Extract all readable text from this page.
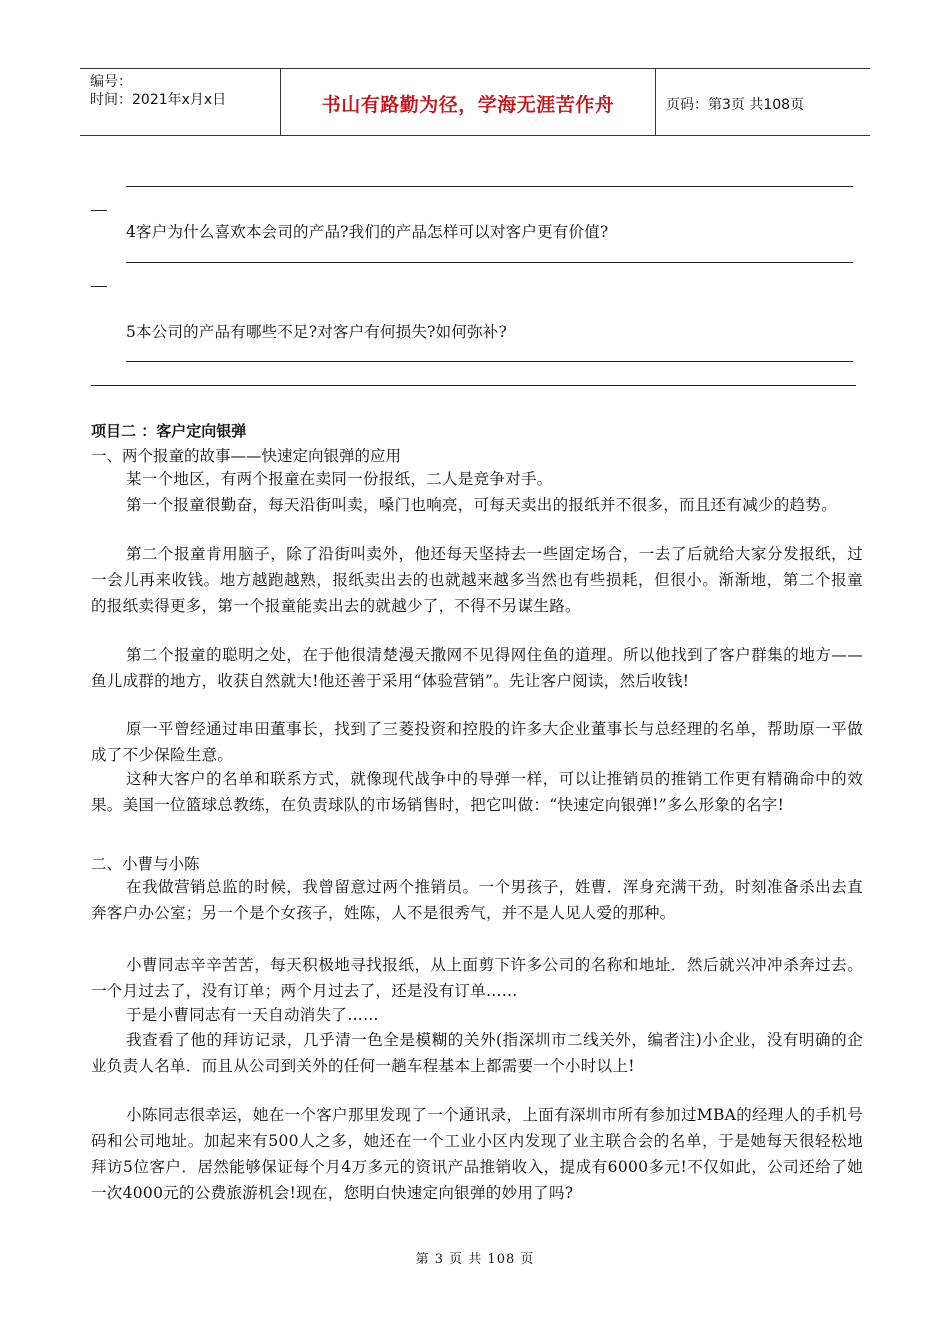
编号：
时间：2021年x月x日	书山有路勤为径，学海无涯苦作舟	页码：第3页 共108页
4客户为什么喜欢本会司的产品?我们的产品怎样可以对客户更有价值?
5本公司的产品有哪些不足?对客户有何损失?如何弥补?
项目二 ：客户定向银弹
一、两个报童的故事——快速定向银弹的应用

某一个地区，有两个报童在卖同一份报纸，二人是竞争对手。

第一个报童很勤奋，每天沿街叫卖，嗓门也响亮，可每天卖出的报纸并不很多，而且还有减少的趋势。

第二个报童肯用脑子，除了沿街叫卖外，他还每天坚持去一些固定场合，一去了后就给大家分发报纸，过一会儿再来收钱。地方越跑越熟，报纸卖出去的也就越来越多当然也有些损耗，但很小。渐渐地，第二个报童的报纸卖得更多，第一个报童能卖出去的就越少了，不得不另谋生路。

第二个报童的聪明之处，在于他很清楚漫天撒网不见得网住鱼的道理。所以他找到了客户群集的地方——鱼儿成群的地方，收获自然就大!他还善于采用“体验营销”。先让客户阅读，然后收钱!

原一平曾经通过串田董事长，找到了三菱投资和控股的许多大企业董事长与总经理的名单，帮助原一平做成了不少保险生意。

这种大客户的名单和联系方式，就像现代战争中的导弹一样，可以让推销员的推销工作更有精确命中的效果。美国一位篮球总教练，在负责球队的市场销售时，把它叫做：“快速定向银弹!”多么形象的名字!

二、小曹与小陈

在我做营销总监的时候，我曾留意过两个推销员。一个男孩子，姓曹．浑身充满干劲，时刻准备杀出去直奔客户办公室；另一个是个女孩子，姓陈，人不是很秀气，并不是人见人爱的那种。

小曹同志辛辛苦苦，每天积极地寻找报纸，从上面剪下许多公司的名称和地址．然后就兴冲冲杀奔过去。一个月过去了，没有订单；两个月过去了，还是没有订单……

于是小曹同志有一天自动消失了……

我查看了他的拜访记录，几乎清一色全是模糊的关外(指深圳市二线关外，编者注)小企业，没有明确的企业负责人名单．而且从公司到关外的任何一趟车程基本上都需要一个小时以上!

小陈同志很幸运，她在一个客户那里发现了一个通讯录，上面有深圳市所有参加过MBA的经理人的手机号码和公司地址。加起来有500人之多，她还在一个工业小区内发现了业主联合会的名单，于是她每天很轻松地拜访5位客户．居然能够保证每个月4万多元的资讯产品推销收入，提成有6000多元!不仅如此，公司还给了她一次4000元的公费旅游机会!现在，您明白快速定向银弹的妙用了吗?

第 3 页 共 108 页
